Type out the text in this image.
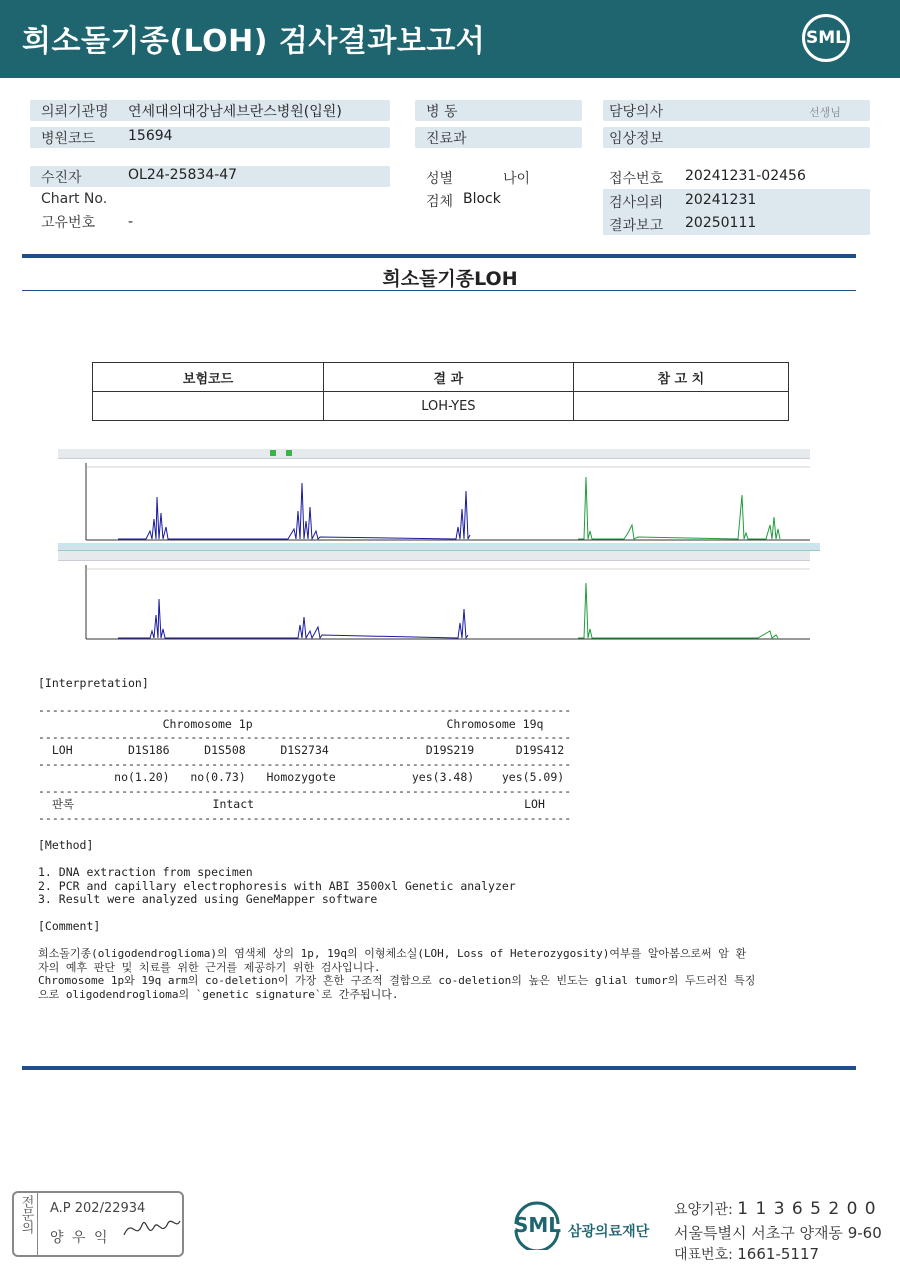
희소돌기종(LOH) 검사결과보고서	SML
의뢰기관명 연세대의대강남세브란스병원(입원)
병원코드 15694
병 동
진료과
담당의사	선생님
임상정보
수진자	OL24-25834-47
Chart No.
고유번호 -
성별	나이
검체 Block
접수번호 20241231-02456
검사의뢰 20241231
결과보고 20250111
희소돌기종LOH
보험코드	결 과	참 고 치
	LOH-YES	
[Interpretation]
-----------------------------------------------------------------------------
Chromosome 1p                            Chromosome 19q
-----------------------------------------------------------------------------
LOH        D1S186     D1S508     D1S2734              D19S219      D19S412
-----------------------------------------------------------------------------
no(1.20)   no(0.73)   Homozygote           yes(3.48)    yes(5.09)
-----------------------------------------------------------------------------
판록                    Intact                                       LOH
-----------------------------------------------------------------------------
[Method]
1. DNA extraction from specimen
2. PCR and capillary electrophoresis with ABI 3500xl Genetic analyzer
3. Result were analyzed using GeneMapper software
[Comment]
희소돌기종(oligodendroglioma)의 염색체 상의 1p, 19q의 이형체소실(LOH, Loss of Heterozygosity)여부를 알아봄으로써 암 환
자의 예후 판단 및 치료를 위한 근거를 제공하기 위한 검사입니다.
Chromosome 1p와 19q arm의 co-deletion이 가장 흔한 구조적 결함으로 co-deletion의 높은 빈도는 glial tumor의 두드러진 특징
으로 oligodendroglioma의 `genetic signature`로 간주됩니다.
전문의	A.P 202/22934
양 우 익
SML 삼광의료재단
요양기관: 1 1 3 6 5 2 0 0
서울특별시 서초구 양재동 9-60
대표번호: 1661-5117
